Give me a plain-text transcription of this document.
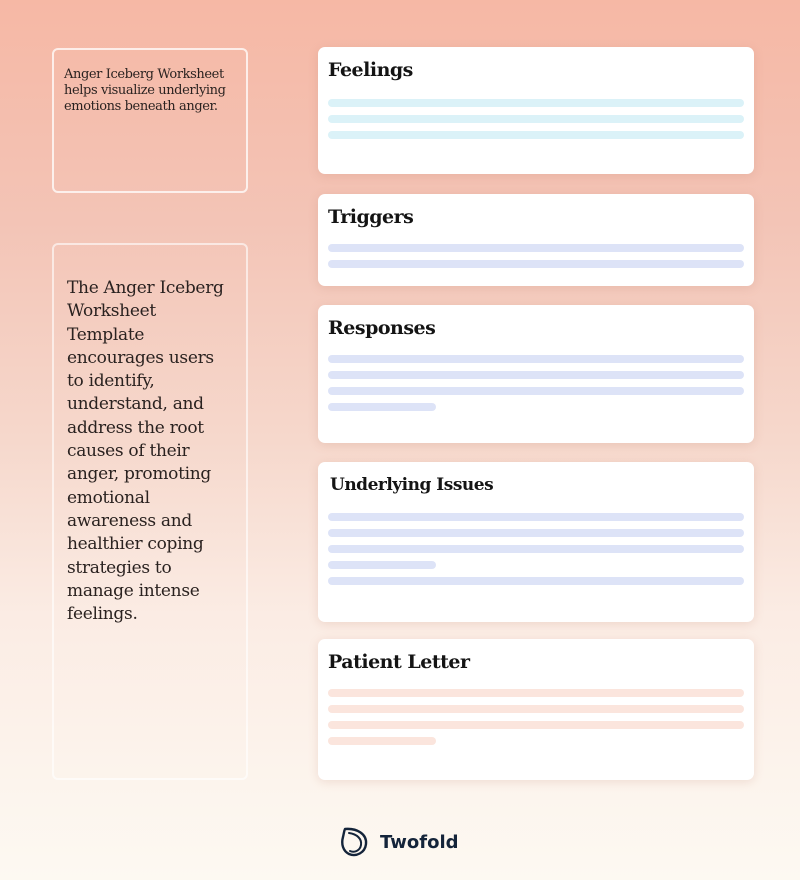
Anger Iceberg Worksheet helps visualize underlying emotions beneath anger.

The Anger Iceberg Worksheet Template encourages users to identify, understand, and address the root causes of their anger, promoting emotional awareness and healthier coping strategies to manage intense feelings.

Feelings
Triggers
Responses
Underlying Issues
Patient Letter
Twofold
